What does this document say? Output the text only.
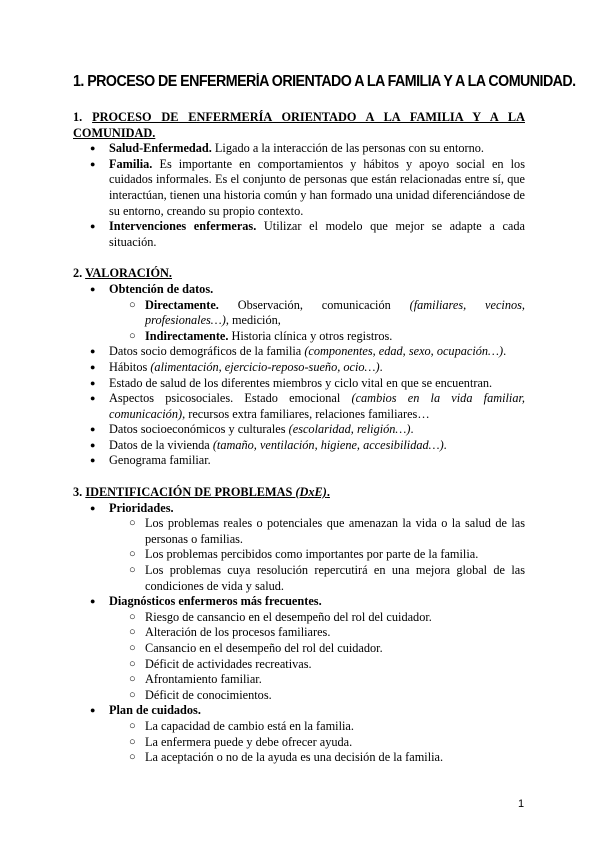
1. PROCESO DE ENFERMERÍA ORIENTADO A LA FAMILIA Y A LA COMUNIDAD.

1. PROCESO DE ENFERMERÍA ORIENTADO A LA FAMILIA Y A LA COMUNIDAD.

● Salud-Enfermedad. Ligado a la interacción de las personas con su entorno.
● Familia. Es importante en comportamientos y hábitos y apoyo social en los cuidados informales. Es el conjunto de personas que están relacionadas entre sí, que interactúan, tienen una historia común y han formado una unidad diferenciándose de su entorno, creando su propio contexto.
● Intervenciones enfermeras. Utilizar el modelo que mejor se adapte a cada situación.

2. VALORACIÓN.

● Obtención de datos.
○ Directamente. Observación, comunicación (familiares, vecinos, profesionales…), medición,
○ Indirectamente. Historia clínica y otros registros.
● Datos socio demográficos de la familia (componentes, edad, sexo, ocupación…).
● Hábitos (alimentación, ejercicio-reposo-sueño, ocio…).
● Estado de salud de los diferentes miembros y ciclo vital en que se encuentran.
● Aspectos psicosociales. Estado emocional (cambios en la vida familiar, comunicación), recursos extra familiares, relaciones familiares…
● Datos socioeconómicos y culturales (escolaridad, religión…).
● Datos de la vivienda (tamaño, ventilación, higiene, accesibilidad…).
● Genograma familiar.

3. IDENTIFICACIÓN DE PROBLEMAS (DxE).

● Prioridades.
○ Los problemas reales o potenciales que amenazan la vida o la salud de las personas o familias.
○ Los problemas percibidos como importantes por parte de la familia.
○ Los problemas cuya resolución repercutirá en una mejora global de las condiciones de vida y salud.
● Diagnósticos enfermeros más frecuentes.
○ Riesgo de cansancio en el desempeño del rol del cuidador.
○ Alteración de los procesos familiares.
○ Cansancio en el desempeño del rol del cuidador.
○ Déficit de actividades recreativas.
○ Afrontamiento familiar.
○ Déficit de conocimientos.
● Plan de cuidados.
○ La capacidad de cambio está en la familia.
○ La enfermera puede y debe ofrecer ayuda.
○ La aceptación o no de la ayuda es una decisión de la familia.
1
